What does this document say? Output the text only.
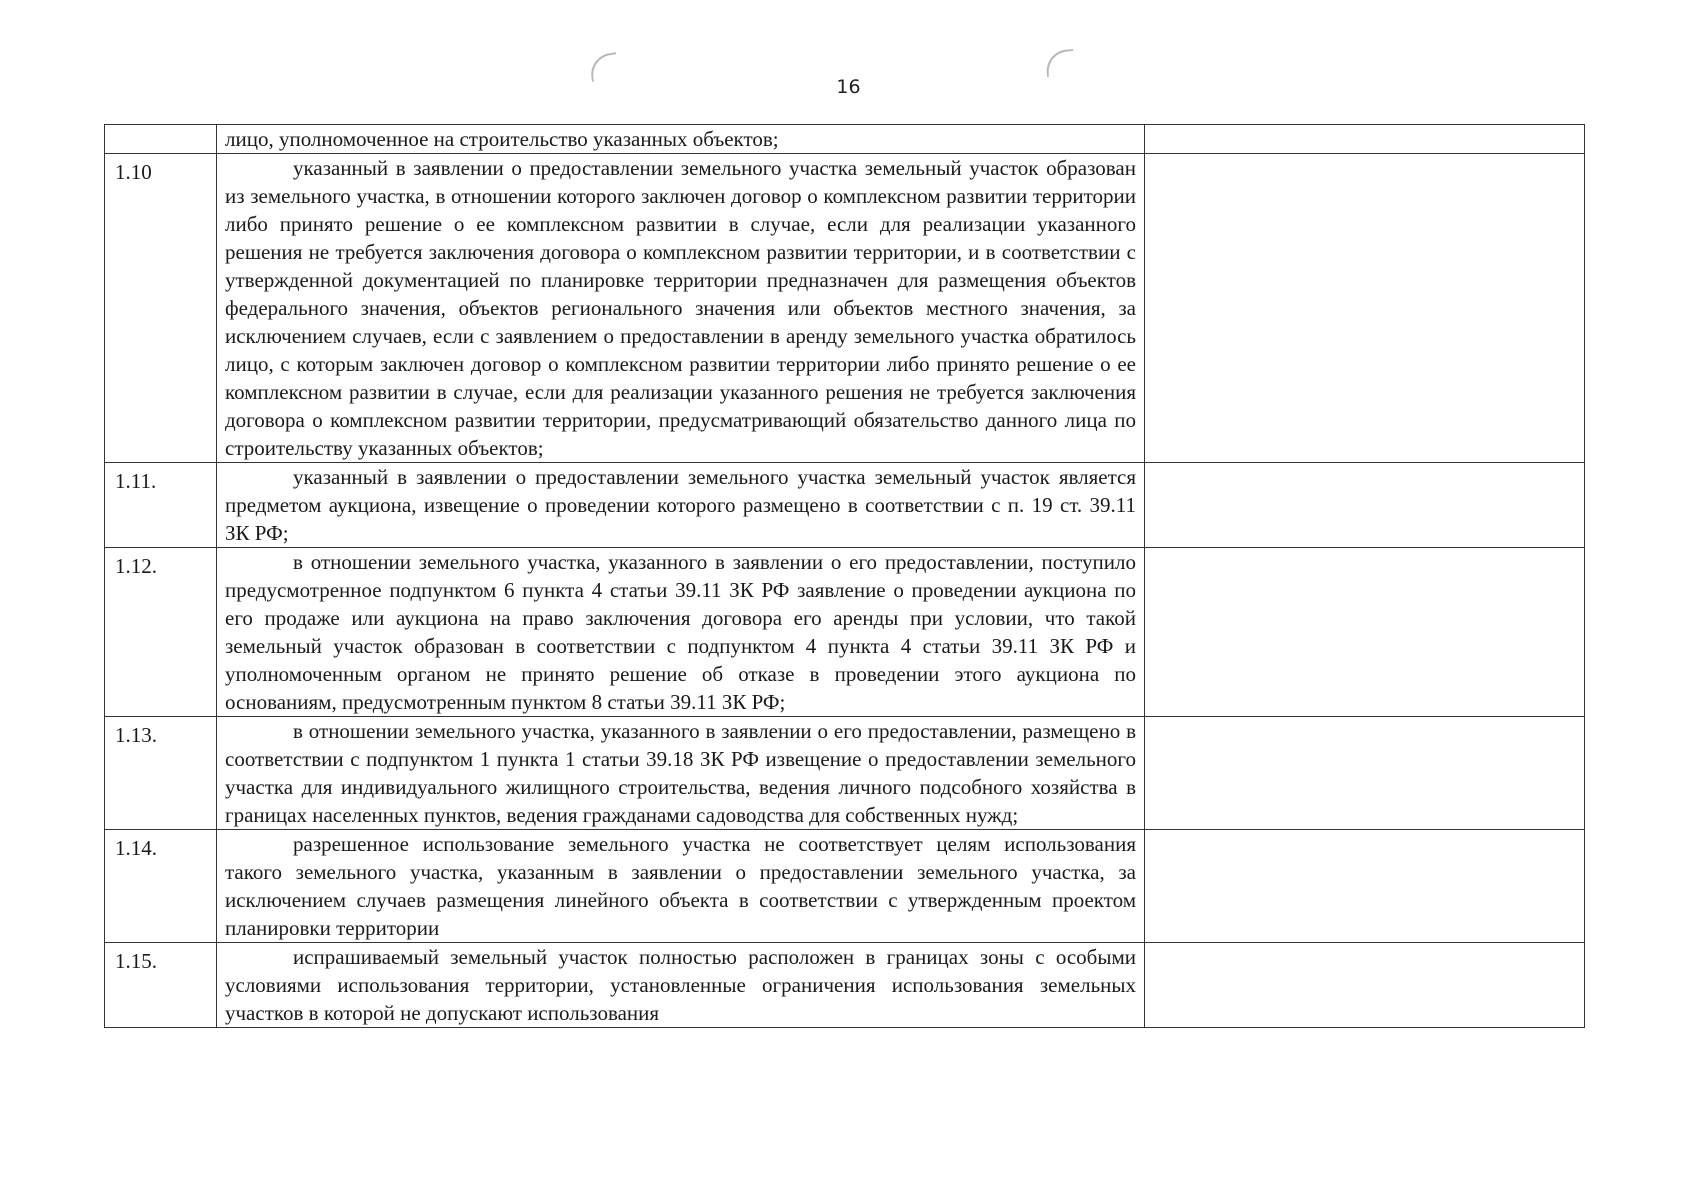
16
	лицо, уполномоченное на строительство указанных объектов;	
1.10	указанный в заявлении о предоставлении земельного участка земельный участок образован из земельного участка, в отношении которого заключен договор о комплексном развитии территории либо принято решение о ее комплексном развитии в случае, если для реализации указанного решения не требуется заключения договора о комплексном развитии территории, и в соответствии с утвержденной документацией по планировке территории предназначен для размещения объектов федерального значения, объектов регионального значения или объектов местного значения, за исключением случаев, если с заявлением о предоставлении в аренду земельного участка обратилось лицо, с которым заключен договор о комплексном развитии территории либо принято решение о ее комплексном развитии в случае, если для реализации указанного решения не требуется заключения договора о комплексном развитии территории, предусматривающий обязательство данного лица по строительству указанных объектов;	
1.11.	указанный в заявлении о предоставлении земельного участка земельный участок является предметом аукциона, извещение о проведении которого размещено в соответствии с п. 19 ст. 39.11 ЗК РФ;	
1.12.	в отношении земельного участка, указанного в заявлении о его предоставлении, поступило предусмотренное подпунктом 6 пункта 4 статьи 39.11 ЗК РФ заявление о проведении аукциона по его продаже или аукциона на право заключения договора его аренды при условии, что такой земельный участок образован в соответствии с подпунктом 4 пункта 4 статьи 39.11 ЗК РФ и уполномоченным органом не принято решение об отказе в проведении этого аукциона по основаниям, предусмотренным пунктом 8 статьи 39.11 ЗК РФ;	
1.13.	в отношении земельного участка, указанного в заявлении о его предоставлении, размещено в соответствии с подпунктом 1 пункта 1 статьи 39.18 ЗК РФ извещение о предоставлении земельного участка для индивидуального жилищного строительства, ведения личного подсобного хозяйства в границах населенных пунктов, ведения гражданами садоводства для собственных нужд;	
1.14.	разрешенное использование земельного участка не соответствует целям использования такого земельного участка, указанным в заявлении о предоставлении земельного участка, за исключением случаев размещения линейного объекта в соответствии с утвержденным проектом планировки территории	
1.15.	испрашиваемый земельный участок полностью расположен в границах зоны с особыми условиями использования территории, установленные ограничения использования земельных участков в которой не допускают использования	
